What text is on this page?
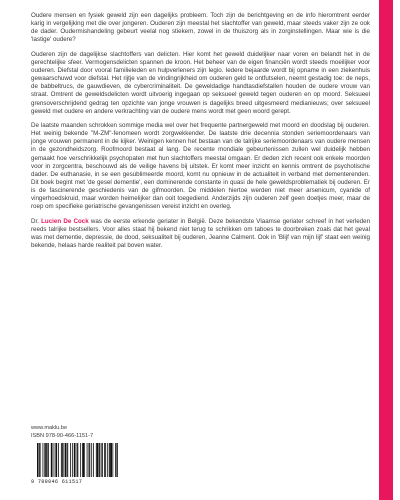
Oudere mensen en fysiek geweld zijn een dagelijks probleem. Toch zijn de berichtgeving en de info hieromtrent eerder karig in vergelijking met die over jongeren. Ouderen zijn meestal het slachtoffer van geweld, maar steeds vaker zijn ze ook de dader. Oudermishandeling gebeurt veelal nog stiekem, zowel in de thuiszorg als in zorginstellingen. Maar wie is die 'lastige' oudere?

Ouderen zijn de dagelijkse slachtoffers van delicten. Hier komt het geweld duidelijker naar voren en belandt het in de gerechtelijke sfeer. Vermogensdelicten spannen de kroon. Het beheer van de eigen financiën wordt steeds moeilijker voor ouderen. Diefstal door vooral familieleden en hulpverleners zijn legio. Iedere bejaarde wordt bij opname in een ziekenhuis gewaarschuwd voor diefstal. Het rijtje van de vindingrijkheid om ouderen geld te ontfutselen, neemt gestadig toe: de neps, de babbeltrucs, de gauwdieven, de cybercriminaliteit. De geweldadige handtasdiefstallen houden de oudere vrouw van straat. Omtrent de geweldsdelicten wordt uitvoerig ingegaan op seksueel geweld tegen ouderen en op moord. Seksueel grensoverschrijdend gedrag ten opzichte van jonge vrouwen is dagelijks breed uitgesmeerd medianieuws; over seksueel geweld met oudere en andere verkrachting van de oudere mens wordt met geen woord gerept.

De laatste maanden schrokken sommige media wel over het frequente partnergeweld met moord en doodslag bij ouderen. Het weinig bekende "M-ZM"-fenomeen wordt zorgwekkender. De laatste drie decennia stonden seriemoordenaars van jonge vrouwen permanent in de kijker. Weinigen kennen het bestaan van de talrijke seriemoordenaars van oudere mensen in de gezondheidszorg. Roofmoord bestaat al lang. De recente mondiale gebeurtenissen zullen wel duidelijk hebben gemaakt hoe verschrikkelijk psychopaten met hun slachtoffers meestal omgaan. Er deden zich recent ook enkele moorden voor in zorgcentra, beschouwd als de veilige havens bij uitstek. Er komt meer inzicht en kennis omtrent de psychotische dader. De euthanasie, in se een gesublimeerde moord, komt nu opnieuw in de actualiteit in verband met dementerenden. Dit boek begint met 'de gesel dementie', een dominerende constante in quasi de hele geweldsproblematiek bij ouderen. Er is de fascinerende geschiedenis van de gifmoorden. De middelen hiertoe werden niet meer arsenicum, cyanide of vingerhoedskruid, maar worden heimelijker dan ooit toegediend. Anderzijds zijn ouderen zelf geen doetjes meer, maar de roep om specifieke geriatrische gevangenissen vereist inzicht en overleg.

Dr. Lucien De Cock was de eerste erkende geriater in België. Deze bekendste Vlaamse geriater schreef in het verleden reeds talrijke bestsellers. Voor alles staat hij bekend niet terug te schrikken om taboes te doorbreken zoals dat het geval was met dementie, depressie, de dood, seksualiteit bij ouderen, Jeanne Calment. Ook in 'Blijf van mijn lijf' staat een weinig bekende, helaas harde realiteit pal boven water.

www.maklu.be
ISBN 978-90-466-1151-7
9 789046 611517
